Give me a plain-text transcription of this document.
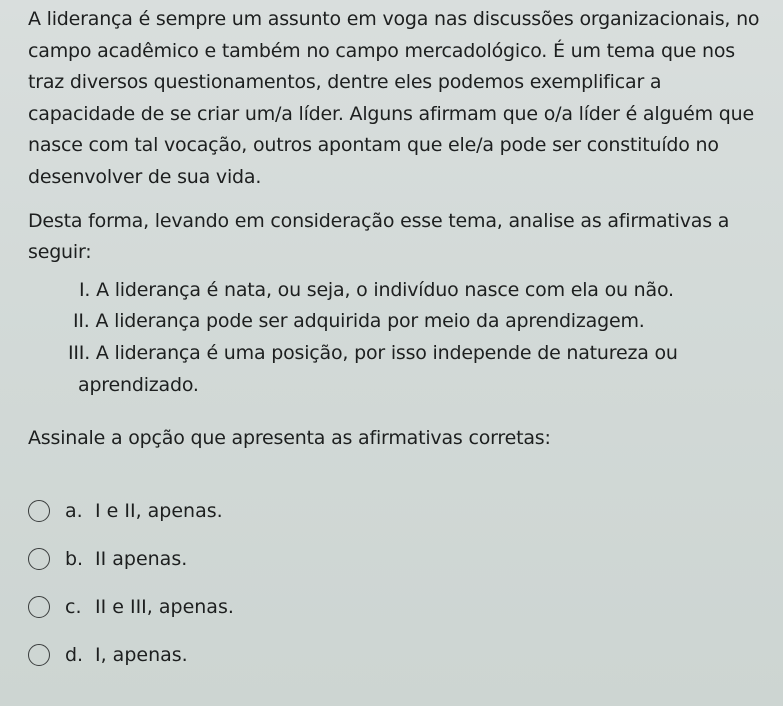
A liderança é sempre um assunto em voga nas discussões organizacionais, no campo acadêmico e também no campo mercadológico. É um tema que nos traz diversos questionamentos, dentre eles podemos exemplificar a capacidade de se criar um/a líder. Alguns afirmam que o/a líder é alguém que nasce com tal vocação, outros apontam que ele/a pode ser constituído no desenvolver de sua vida.

Desta forma, levando em consideração esse tema, analise as afirmativas a seguir:

I. A liderança é nata, ou seja, o indivíduo nasce com ela ou não.
II. A liderança pode ser adquirida por meio da aprendizagem.
III. A liderança é uma posição, por isso independe de natureza ou
aprendizado.

Assinale a opção que apresenta as afirmativas corretas:

a. I e II, apenas.
b. II apenas.
c. II e III, apenas.
d. I, apenas.
